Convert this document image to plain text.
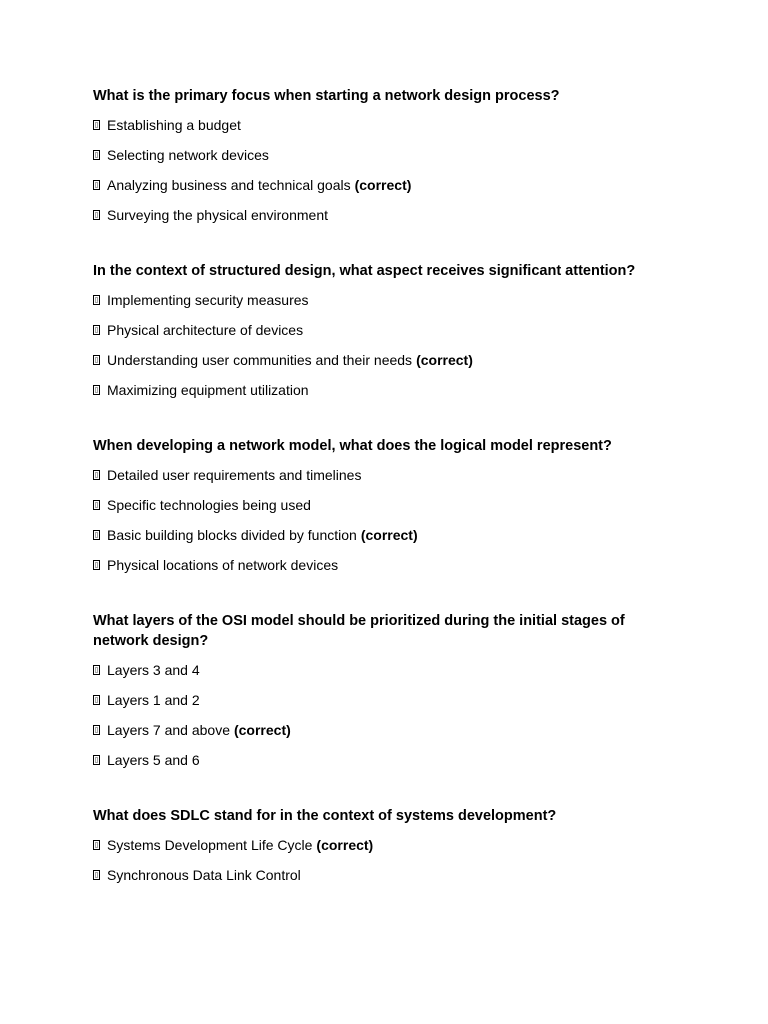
What is the primary focus when starting a network design process?
Establishing a budget
Selecting network devices
Analyzing business and technical goals (correct)
Surveying the physical environment
In the context of structured design, what aspect receives significant attention?
Implementing security measures
Physical architecture of devices
Understanding user communities and their needs (correct)
Maximizing equipment utilization
When developing a network model, what does the logical model represent?
Detailed user requirements and timelines
Specific technologies being used
Basic building blocks divided by function (correct)
Physical locations of network devices
What layers of the OSI model should be prioritized during the initial stages of network design?
Layers 3 and 4
Layers 1 and 2
Layers 7 and above (correct)
Layers 5 and 6
What does SDLC stand for in the context of systems development?
Systems Development Life Cycle (correct)
Synchronous Data Link Control
